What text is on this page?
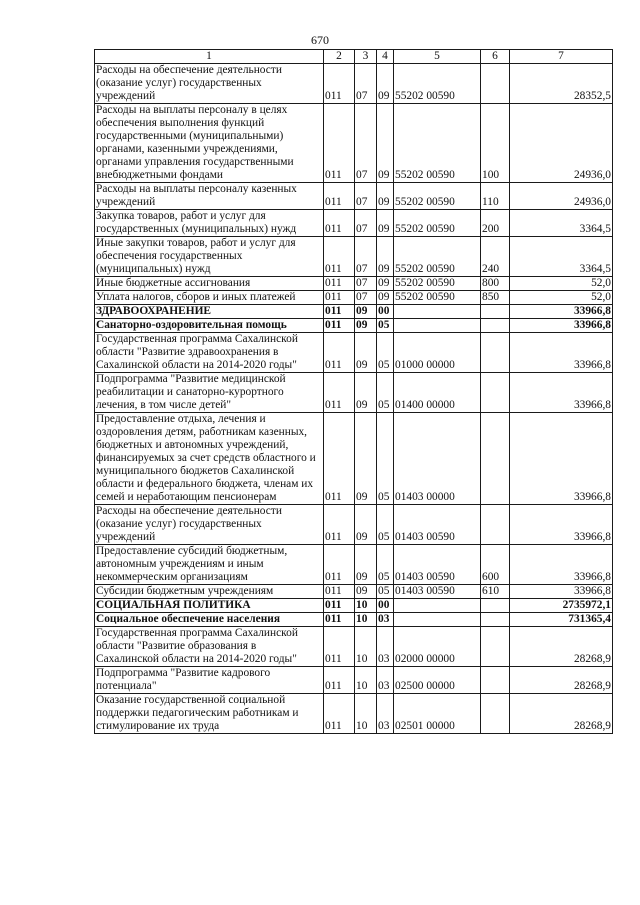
670
1	2	3	4	5	6	7
Расходы на обеспечение деятельности (оказание услуг) государственных учреждений	011	07	09	55202 00590		28352,5
Расходы на выплаты персоналу в целях обеспечения выполнения функций государственными (муниципальными) органами, казенными учреждениями, органами управления государственными внебюджетными фондами	011	07	09	55202 00590	100	24936,0
Расходы на выплаты персоналу казенных учреждений	011	07	09	55202 00590	110	24936,0
Закупка товаров, работ и услуг для государственных (муниципальных) нужд	011	07	09	55202 00590	200	3364,5
Иные закупки товаров, работ и услуг для обеспечения государственных (муниципальных) нужд	011	07	09	55202 00590	240	3364,5
Иные бюджетные ассигнования	011	07	09	55202 00590	800	52,0
Уплата налогов, сборов и иных платежей	011	07	09	55202 00590	850	52,0
ЗДРАВООХРАНЕНИЕ	011	09	00			33966,8
Санаторно-оздоровительная помощь	011	09	05			33966,8
Государственная программа Сахалинской области "Развитие здравоохранения в Сахалинской области на 2014-2020 годы"	011	09	05	01000 00000		33966,8
Подпрограмма "Развитие медицинской реабилитации и санаторно-курортного лечения, в том числе детей"	011	09	05	01400 00000		33966,8
Предоставление отдыха, лечения и оздоровления детям, работникам казенных, бюджетных и автономных учреждений, финансируемых за счет средств областного и муниципального бюджетов Сахалинской области и федерального бюджета, членам их семей и неработающим пенсионерам	011	09	05	01403 00000		33966,8
Расходы на обеспечение деятельности (оказание услуг) государственных учреждений	011	09	05	01403 00590		33966,8
Предоставление субсидий бюджетным, автономным учреждениям и иным некоммерческим организациям	011	09	05	01403 00590	600	33966,8
Субсидии бюджетным учреждениям	011	09	05	01403 00590	610	33966,8
СОЦИАЛЬНАЯ ПОЛИТИКА	011	10	00			2735972,1
Социальное обеспечение населения	011	10	03			731365,4
Государственная программа Сахалинской области "Развитие образования в Сахалинской области на 2014-2020 годы"	011	10	03	02000 00000		28268,9
Подпрограмма "Развитие кадрового потенциала"	011	10	03	02500 00000		28268,9
Оказание государственной социальной поддержки педагогическим работникам и стимулирование их труда	011	10	03	02501 00000		28268,9
